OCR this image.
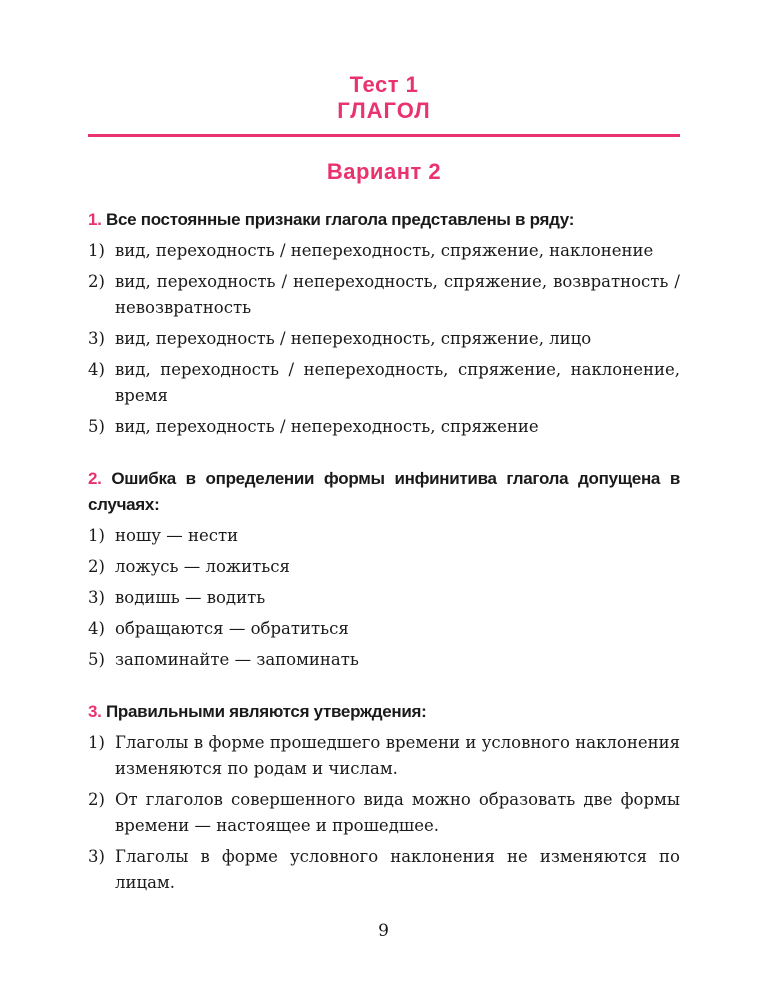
Тест 1
ГЛАГОЛ
Вариант 2
1. Все постоянные признаки глагола представлены в ряду:
1) вид, переходность / непереходность, спряжение, наклонение
2) вид, переходность / непереходность, спряжение, возвратность / невозвратность
3) вид, переходность / непереходность, спряжение, лицо
4) вид, переходность / непереходность, спряжение, наклонение, время
5) вид, переходность / непереходность, спряжение
2. Ошибка в определении формы инфинитива глагола допущена в случаях:
1) ношу — нести
2) ложусь — ложиться
3) водишь — водить
4) обращаются — обратиться
5) запоминайте — запоминать
3. Правильными являются утверждения:
1) Глаголы в форме прошедшего времени и условного наклонения изменяются по родам и числам.
2) От глаголов совершенного вида можно образовать две формы времени — настоящее и прошедшее.
3) Глаголы в форме условного наклонения не изменяются по лицам.
9
